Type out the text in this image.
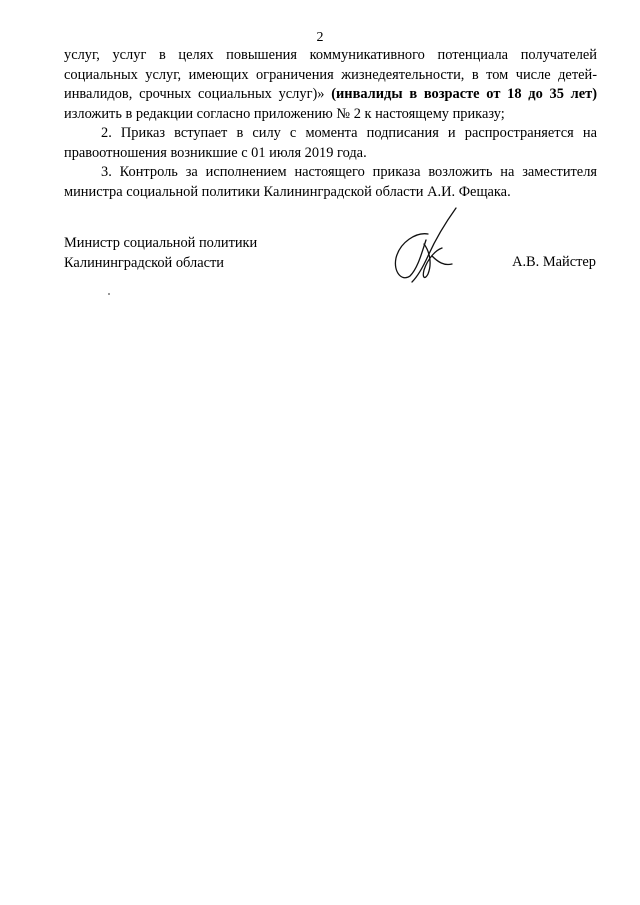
2

услуг, услуг в целях повышения коммуникативного потенциала получателей
социальных услуг, имеющих ограничения жизнедеятельности, в том числе детей-
инвалидов, срочных социальных услуг)» (инвалиды в возрасте от 18 до 35 лет)
изложить в редакции согласно приложению № 2 к настоящему приказу;

2. Приказ вступает в силу с момента подписания и распространяется на правоотношения возникшие с 01 июля 2019 года.

3. Контроль за исполнением настоящего приказа возложить на заместителя министра социальной политики Калининградской области А.И. Фещака.

Министр социальной политики
Калининградской области	А.В. Майстер
